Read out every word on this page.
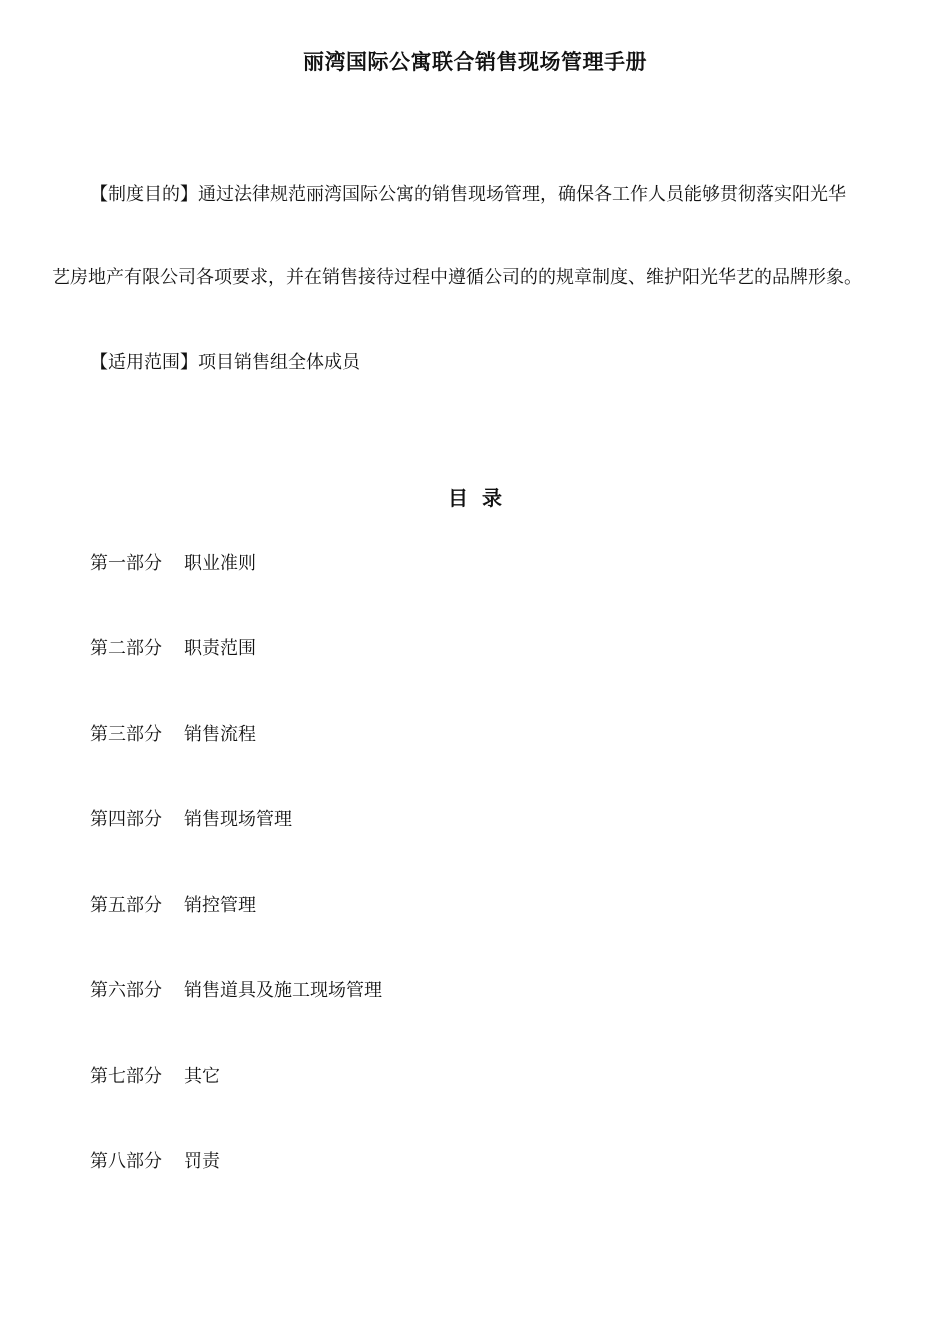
丽湾国际公寓联合销售现场管理手册
【制度目的】通过法律规范丽湾国际公寓的销售现场管理，确保各工作人员能够贯彻落实阳光华
艺房地产有限公司各项要求，并在销售接待过程中遵循公司的的规章制度、维护阳光华艺的品牌形象。
【适用范围】项目销售组全体成员
目录
第一部分 职业准则
第二部分 职责范围
第三部分 销售流程
第四部分 销售现场管理
第五部分 销控管理
第六部分 销售道具及施工现场管理
第七部分 其它
第八部分 罚责
